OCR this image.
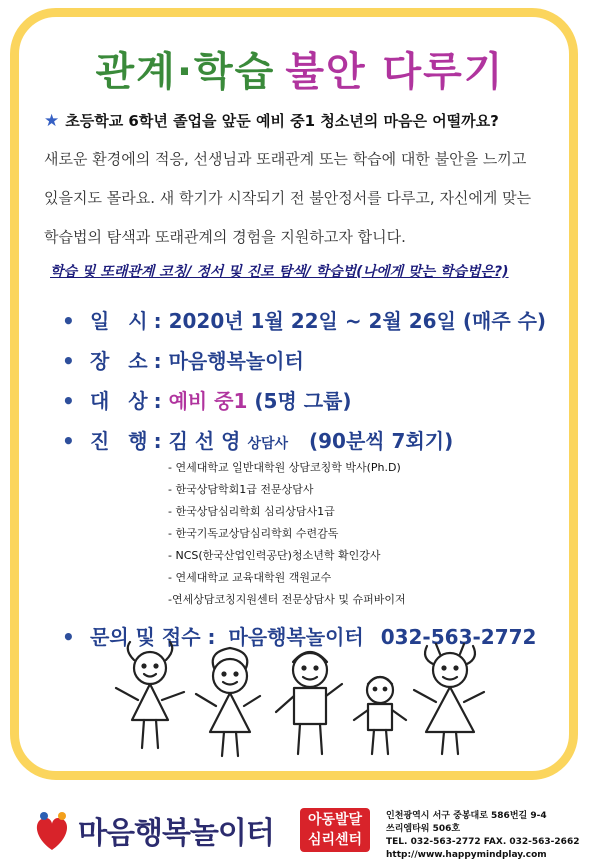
관계·학습 불안 다루기
★ 초등학교 6학년 졸업을 앞둔 예비 중1 청소년의 마음은 어떨까요?
새로운 환경에의 적응, 선생님과 또래관계 또는 학습에 대한 불안을 느끼고
있을지도 몰라요. 새 학기가 시작되기 전 불안정서를 다루고, 자신에게 맞는
학습법의 탐색과 또래관계의 경험을 지원하고자 합니다.
학습 및 또래관계 코칭/ 정서 및 진로 탐색/ 학습법(나에게 맞는 학습법은?)
• 일 시: 2020년 1월 22일 ~ 2월 26일 (매주 수)
• 장 소: 마음행복놀이터
• 대 상: 예비 중1 (5명 그룹)
• 진 행: 김 선 영 상담사 (90분씩 7회기)
- 연세대학교 일반대학원 상담코칭학 박사(Ph.D)
- 한국상담학회1급 전문상담사
- 한국상담심리학회 심리상담사1급
- 한국기독교상담심리학회 수련감독
- NCS(한국산업인력공단)청소년학 확인강사
- 연세대학교 교육대학원 객원교수
-연세상담코칭지원센터 전문상담사 및 슈퍼바이저
• 문의 및 접수 : 마음행복놀이터 032-563-2772
마음행복놀이터	아동발달
심리센터
인천광역시 서구 중봉대로 586번길 9-4
쓰리엠타워 506호
TEL. 032-563-2772 FAX. 032-563-2662
http://www.happymindplay.com
